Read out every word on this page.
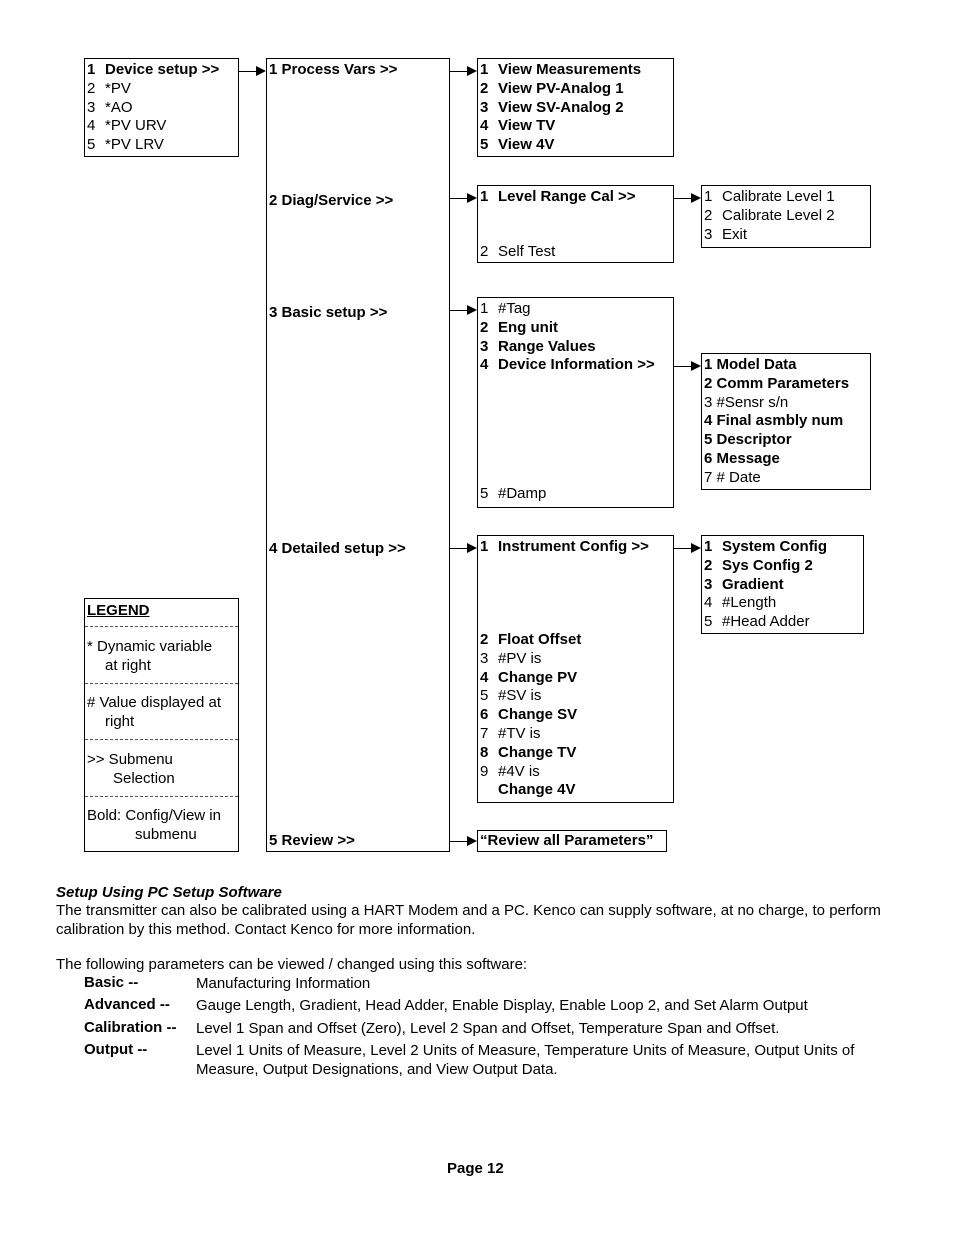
1 Device setup >>
2 *PV
3 *AO
4 *PV URV
5 *PV LRV
1 Process Vars >>
2 Diag/Service >>
3 Basic setup >>
4 Detailed setup >>
5 Review >>
1 View Measurements
2 View PV-Analog 1
3 View SV-Analog 2
4 View TV
5 View 4V
1 Level Range Cal >>
2 Self Test
1 Calibrate Level 1
2 Calibrate Level 2
3 Exit
1 #Tag
2 Eng unit
3 Range Values
4 Device Information >>
5 #Damp
1 Model Data
2 Comm Parameters
3 #Sensr s/n
4 Final asmbly num
5 Descriptor
6 Message
7 # Date
1 Instrument Config >>
2 Float Offset
3 #PV is
4 Change PV
5 #SV is
6 Change SV
7 #TV is
8 Change TV
9 #4V is
Change 4V
1 System Config
2 Sys Config 2
3 Gradient
4 #Length
5 #Head Adder
“Review all Parameters”
LEGEND
* Dynamic variable
at right
# Value displayed at
right
>> Submenu
Selection
Bold: Config/View in
submenu
Setup Using PC Setup Software
The transmitter can also be calibrated using a HART Modem and a PC. Kenco can supply software, at no charge, to perform calibration by this method. Contact Kenco for more information.
The following parameters can be viewed / changed using this software:
Basic --	Manufacturing Information
Advanced -- Gauge Length, Gradient, Head Adder, Enable Display, Enable Loop 2, and Set Alarm Output
Calibration -- Level 1 Span and Offset (Zero), Level 2 Span and Offset, Temperature Span and Offset.
Output --	Level 1 Units of Measure, Level 2 Units of Measure, Temperature Units of Measure, Output Units of Measure, Output Designations, and View Output Data.
Page 12
